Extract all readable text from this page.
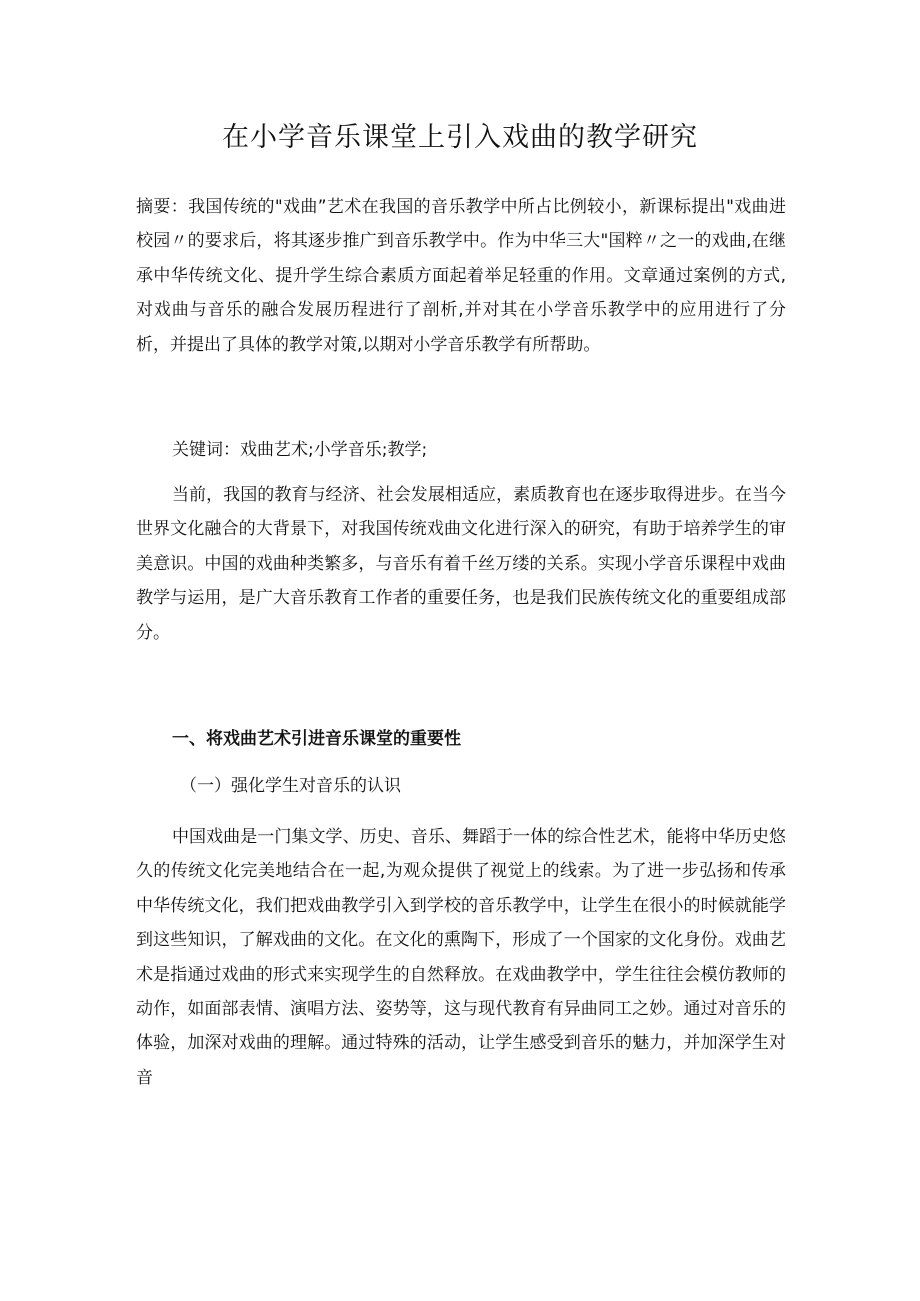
在小学音乐课堂上引入戏曲的教学研究

摘要：我国传统的"戏曲”艺术在我国的音乐教学中所占比例较小，新课标提出"戏曲进校园〃的要求后，将其逐步推广到音乐教学中。作为中华三大"国粹〃之一的戏曲,在继承中华传统文化、提升学生综合素质方面起着举足轻重的作用。文章通过案例的方式,对戏曲与音乐的融合发展历程进行了剖析,并对其在小学音乐教学中的应用进行了分析，并提出了具体的教学对策,以期对小学音乐教学有所帮助。

关键词：戏曲艺术;小学音乐;教学;

当前，我国的教育与经济、社会发展相适应，素质教育也在逐步取得进步。在当今世界文化融合的大背景下，对我国传统戏曲文化进行深入的研究，有助于培养学生的审美意识。中国的戏曲种类繁多，与音乐有着千丝万缕的关系。实现小学音乐课程中戏曲教学与运用，是广大音乐教育工作者的重要任务，也是我们民族传统文化的重要组成部分。

一、将戏曲艺术引进音乐课堂的重要性
（一）强化学生对音乐的认识

中国戏曲是一门集文学、历史、音乐、舞蹈于一体的综合性艺术，能将中华历史悠久的传统文化完美地结合在一起,为观众提供了视觉上的线索。为了进一步弘扬和传承中华传统文化，我们把戏曲教学引入到学校的音乐教学中，让学生在很小的时候就能学到这些知识，了解戏曲的文化。在文化的熏陶下，形成了一个国家的文化身份。戏曲艺术是指通过戏曲的形式来实现学生的自然释放。在戏曲教学中，学生往往会模仿教师的动作，如面部表情、演唱方法、姿势等，这与现代教育有异曲同工之妙。通过对音乐的体验，加深对戏曲的理解。通过特殊的活动，让学生感受到音乐的魅力，并加深学生对音
